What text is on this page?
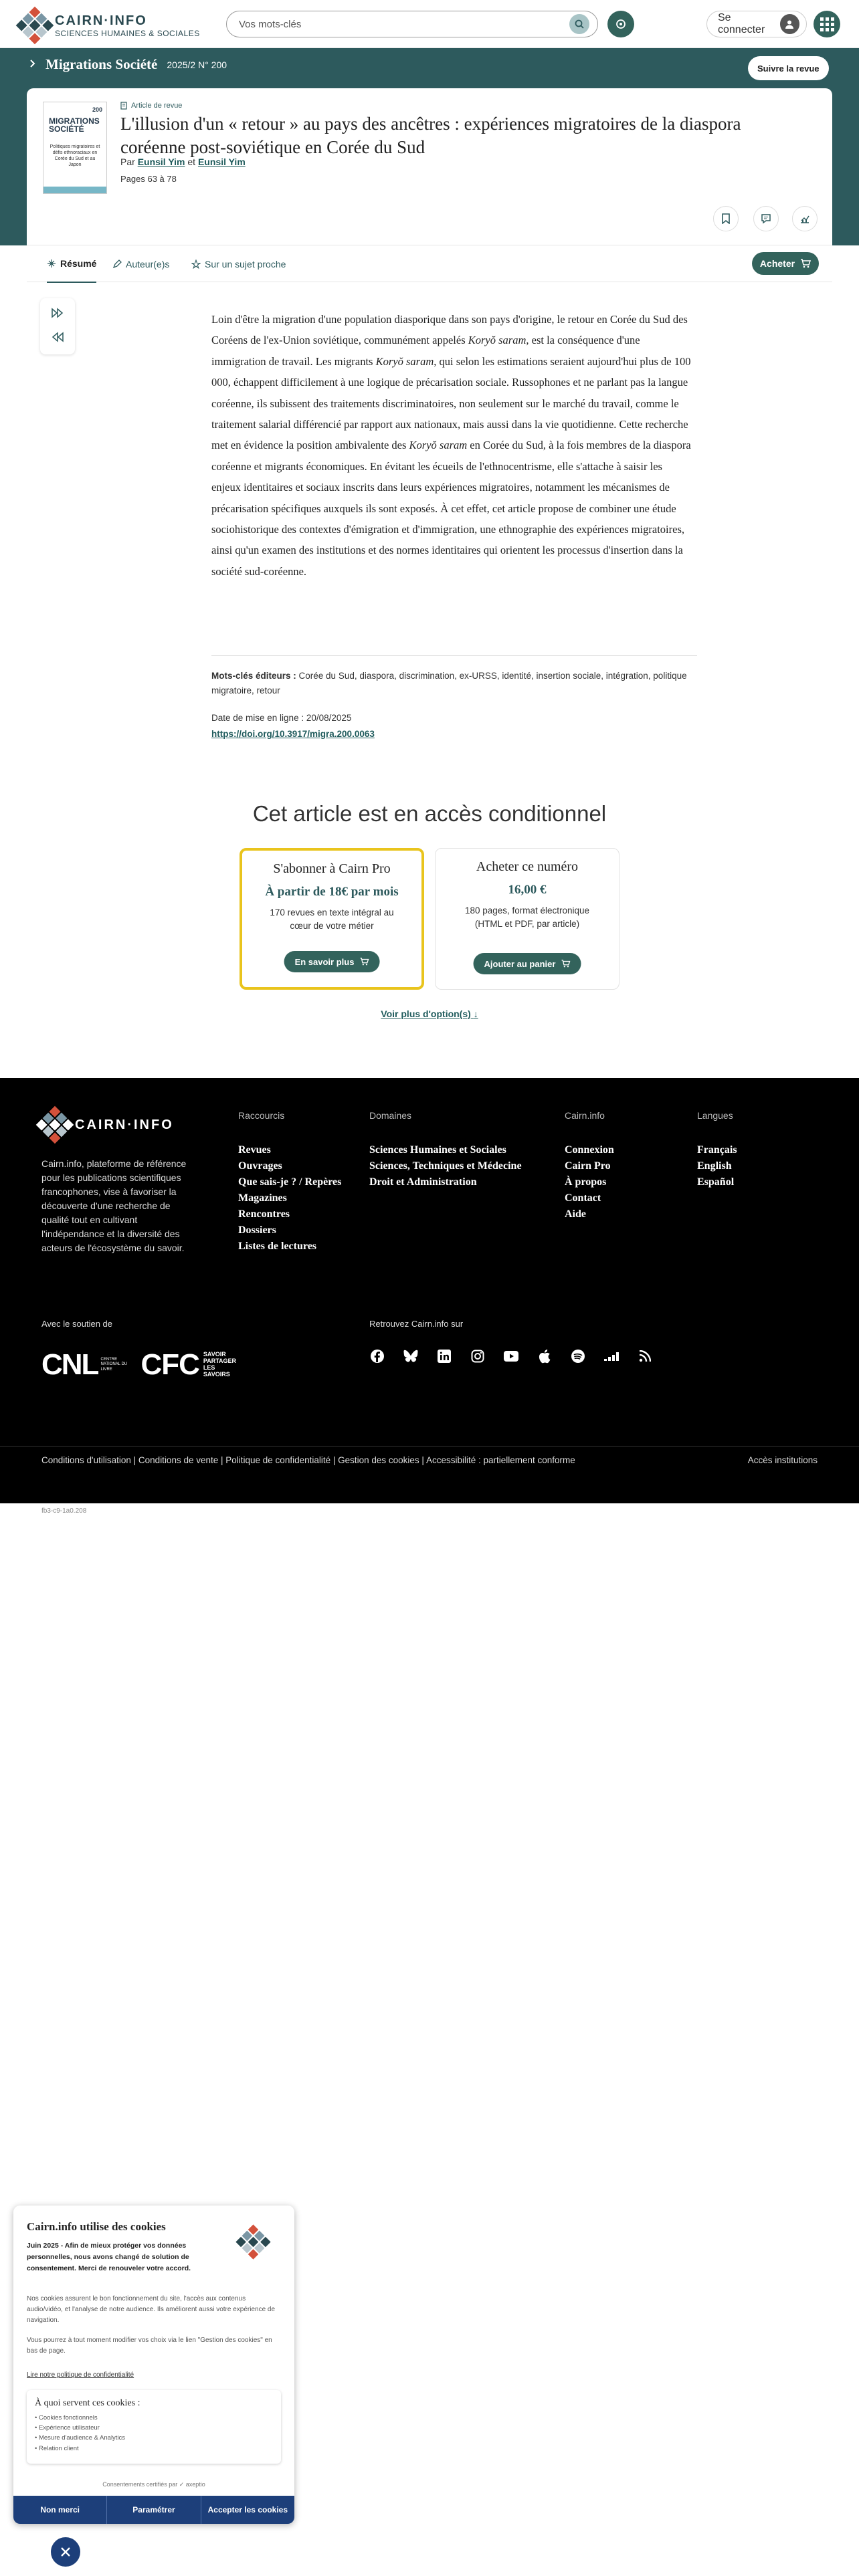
CAIRN·INFO
SCIENCES HUMAINES & SOCIALES
Vos mots-clés
Se connecter
Migrations Société 2025/2 N° 200	Suivre la revue
200
MIGRATIONS SOCIÉTÉ
Politiques migratoires et défis ethnoraciaux en Corée du Sud et au Japon
Article de revue
L'illusion d'un « retour » au pays des ancêtres : expériences migratoires de la diaspora coréenne post-soviétique en Corée du Sud
Par Eunsil Yim et Eunsil Yim
Pages 63 à 78
Résumé	Auteur(e)s	Sur un sujet proche	Acheter

Loin d'être la migration d'une population diasporique dans son pays d'origine, le retour en Corée du Sud des Coréens de l'ex-Union soviétique, communément appelés Koryŏ saram, est la conséquence d'une immigration de travail. Les migrants Koryŏ saram, qui selon les estimations seraient aujourd'hui plus de 100 000, échappent difficilement à une logique de précarisation sociale. Russophones et ne parlant pas la langue coréenne, ils subissent des traitements discriminatoires, non seulement sur le marché du travail, comme le traitement salarial différencié par rapport aux nationaux, mais aussi dans la vie quotidienne. Cette recherche met en évidence la position ambivalente des Koryŏ saram en Corée du Sud, à la fois membres de la diaspora coréenne et migrants économiques. En évitant les écueils de l'ethnocentrisme, elle s'attache à saisir les enjeux identitaires et sociaux inscrits dans leurs expériences migratoires, notamment les mécanismes de précarisation spécifiques auxquels ils sont exposés. À cet effet, cet article propose de combiner une étude sociohistorique des contextes d'émigration et d'immigration, une ethnographie des expériences migratoires, ainsi qu'un examen des institutions et des normes identitaires qui orientent les processus d'insertion dans la société sud-coréenne.

Mots-clés éditeurs : Corée du Sud, diaspora, discrimination, ex-URSS, identité, insertion sociale, intégration, politique migratoire, retour
Date de mise en ligne : 20/08/2025
https://doi.org/10.3917/migra.200.0063
Cet article est en accès conditionnel
S'abonner à Cairn Pro
À partir de 18€ par mois
170 revues en texte intégral au cœur de votre métier
En savoir plus
Acheter ce numéro
16,00 €
180 pages, format électronique (HTML et PDF, par article)
Ajouter au panier
Voir plus d'option(s) ↓
CAIRN·INFO
Cairn.info, plateforme de référence pour les publications scientifiques francophones, vise à favoriser la découverte d'une recherche de qualité tout en cultivant l'indépendance et la diversité des acteurs de l'écosystème du savoir.
Raccourcis
Revues
Ouvrages
Que sais-je ? / Repères
Magazines
Rencontres
Dossiers
Listes de lectures
Domaines
Sciences Humaines et Sociales
Sciences, Techniques et Médecine
Droit et Administration
Cairn.info
Connexion
Cairn Pro
À propos
Contact
Aide
Langues
Français
English
Español
Avec le soutien de
CNL CENTRE NATIONAL DU LIVRE CFC SAVOIR PARTAGER LES SAVOIRS
Retrouvez Cairn.info sur
Conditions d'utilisation | Conditions de vente | Politique de confidentialité | Gestion des cookies | Accessibilité : partiellement conforme	Accès institutions
fb3-c9-1a0.208
Cairn.info utilise des cookies
Juin 2025 - Afin de mieux protéger vos données personnelles, nous avons changé de solution de consentement. Merci de renouveler votre accord.
Nos cookies assurent le bon fonctionnement du site, l'accès aux contenus audio/vidéo, et l'analyse de notre audience. Ils améliorent aussi votre expérience de navigation.
Vous pourrez à tout moment modifier vos choix via le lien "Gestion des cookies" en bas de page.
Lire notre politique de confidentialité
À quoi servent ces cookies :
• Cookies fonctionnels
• Expérience utilisateur
• Mesure d'audience & Analytics
• Relation client
Consentements certifiés par ✓ axeptio
Non merci	Paramétrer	Accepter les cookies
